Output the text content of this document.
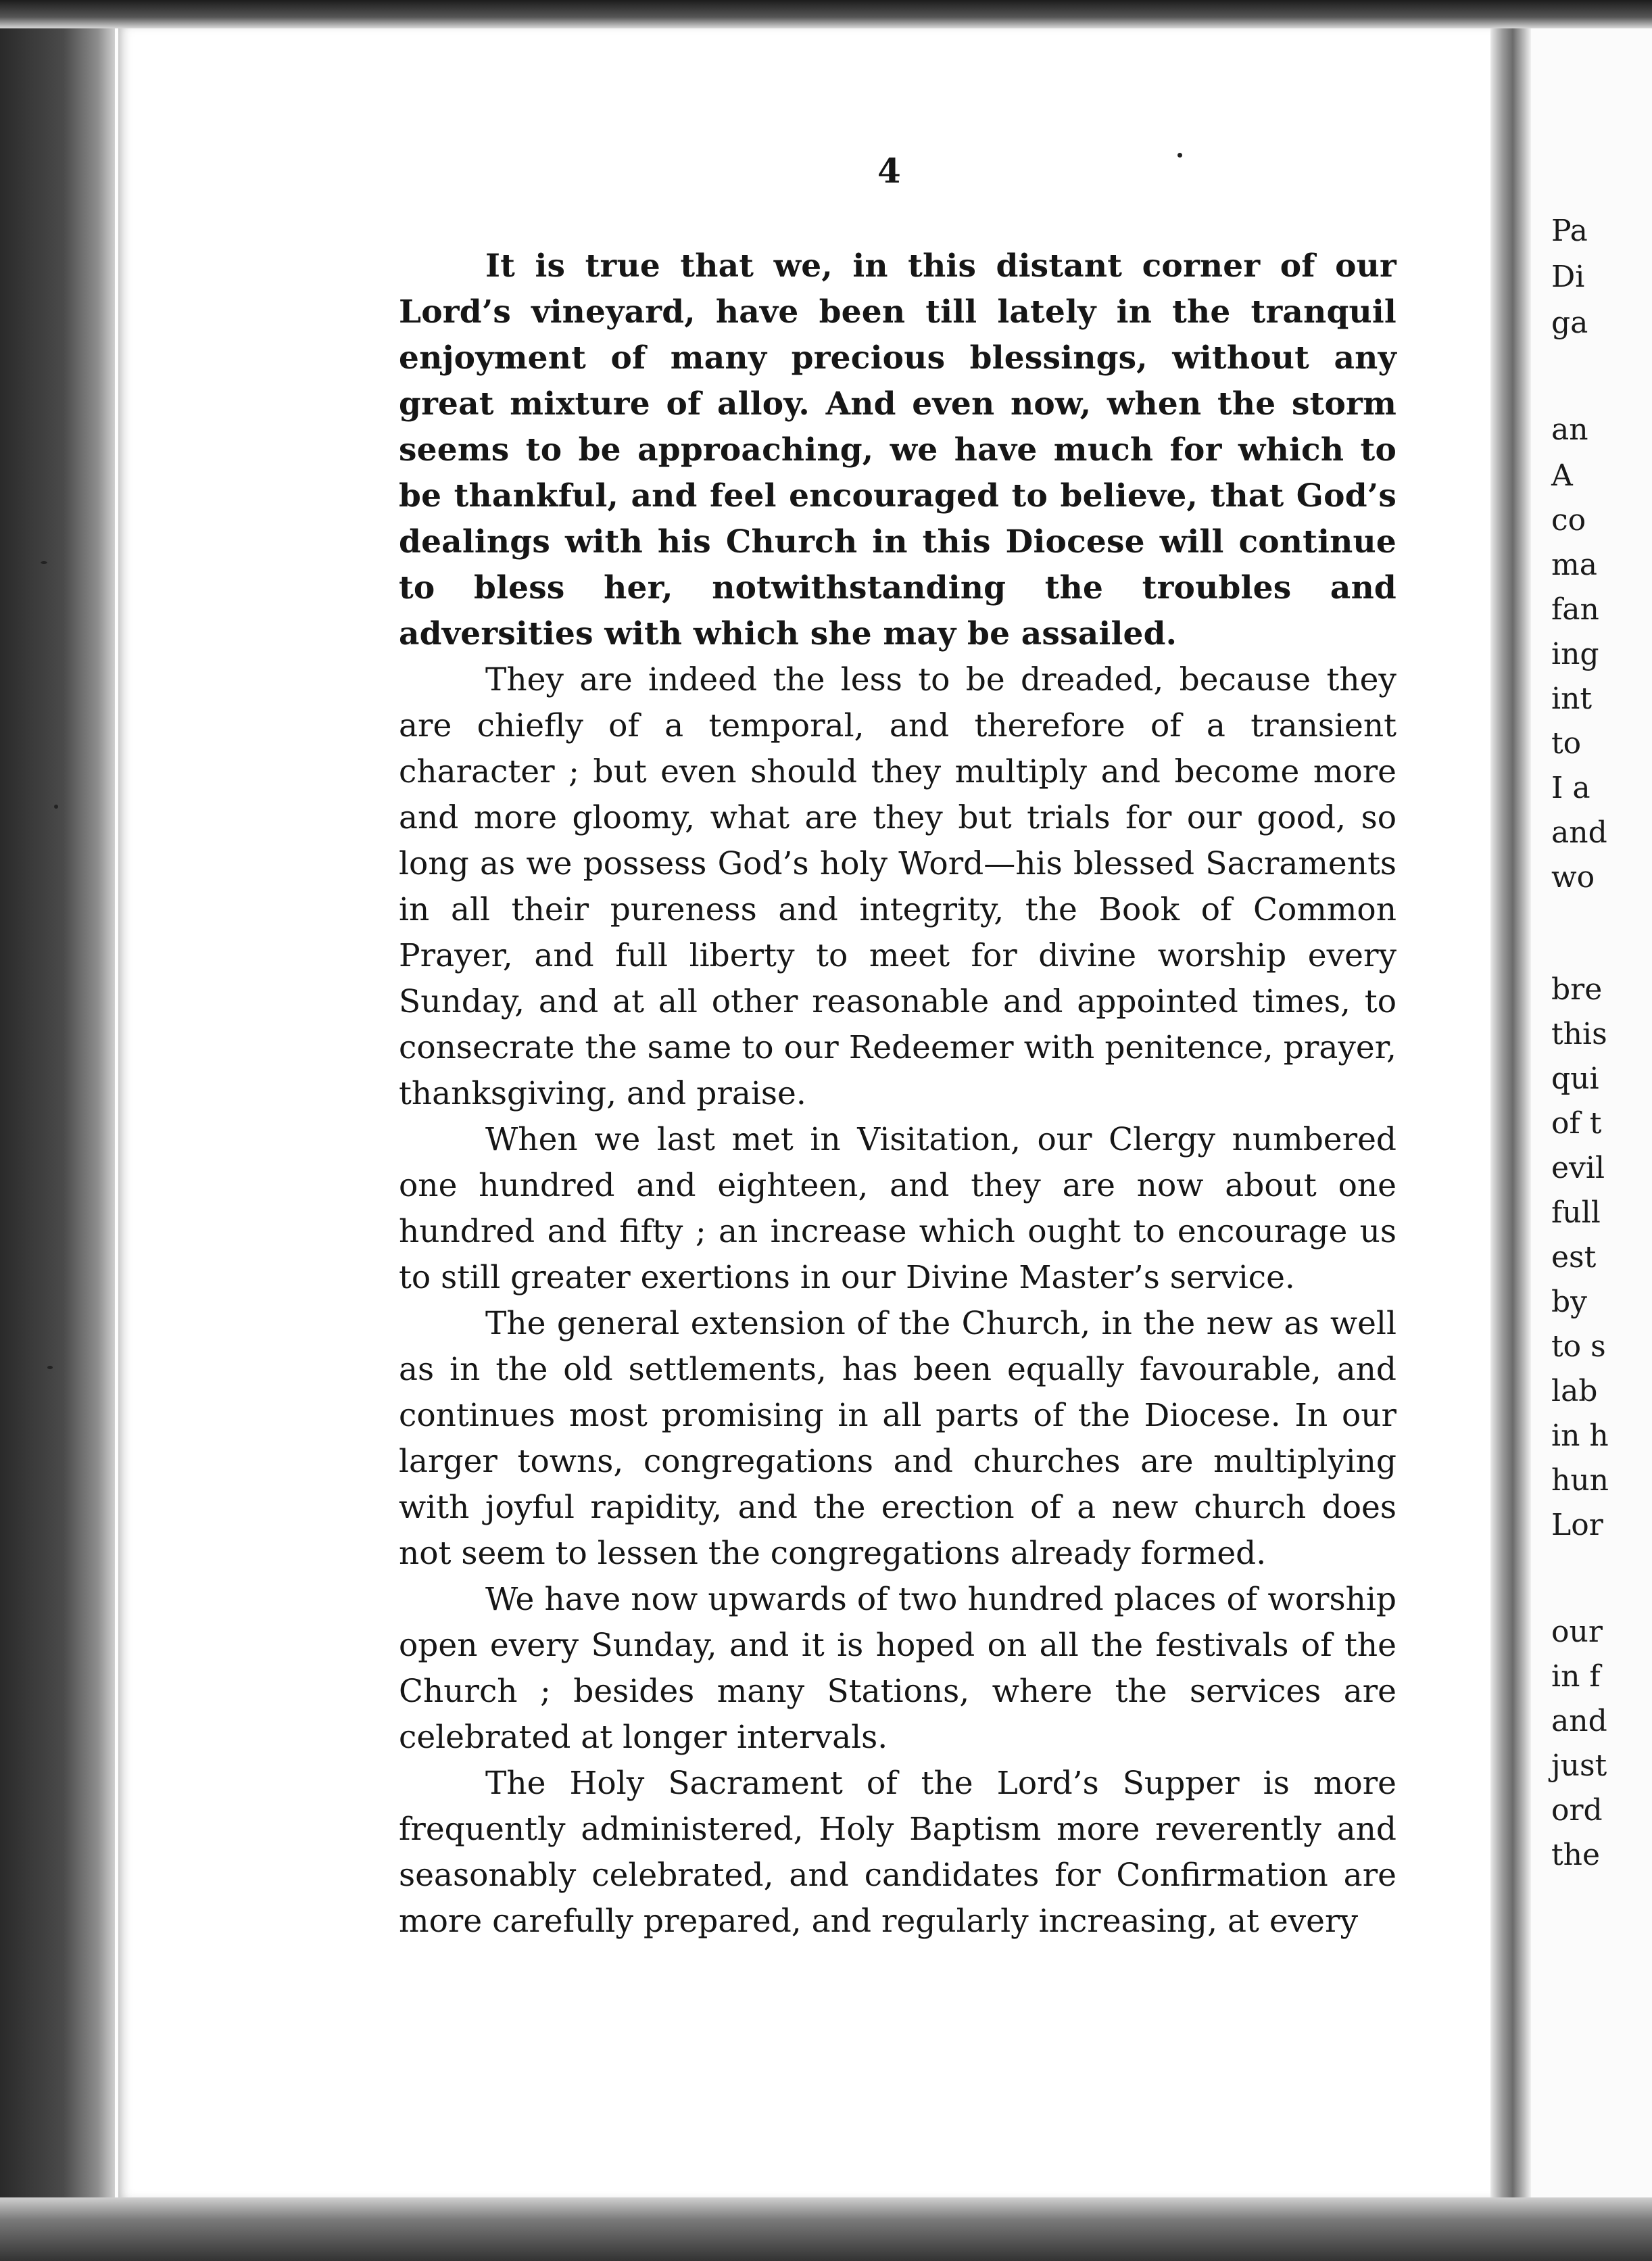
4

It is true that we, in this distant corner of our Lord’s vineyard, have been till lately in the tranquil enjoyment of many precious blessings, without any great mixture of alloy. And even now, when the storm seems to be approaching, we have much for which to be thankful, and feel encouraged to believe, that God’s dealings with his Church in this Diocese will continue to bless her, notwithstanding the troubles and adversities with which she may be assailed.

They are indeed the less to be dreaded, because they are chiefly of a temporal, and therefore of a transient character ; but even should they multiply and become more and more gloomy, what are they but trials for our good, so long as we possess God’s holy Word—his blessed Sacraments in all their pureness and integrity, the Book of Common Prayer, and full liberty to meet for divine worship every Sunday, and at all other reasonable and appointed times, to consecrate the same to our Redeemer with penitence, prayer, thanksgiving, and praise.

When we last met in Visitation, our Clergy numbered one hundred and eighteen, and they are now about one hundred and fifty ; an increase which ought to encourage us to still greater exertions in our Divine Master’s service.

The general extension of the Church, in the new as well as in the old settlements, has been equally favourable, and continues most promising in all parts of the Diocese. In our larger towns, congregations and churches are multiplying with joyful rapidity, and the erection of a new church does not seem to lessen the congregations already formed.

We have now upwards of two hundred places of worship open every Sunday, and it is hoped on all the festivals of the Church ; besides many Stations, where the services are celebrated at longer intervals.

The Holy Sacrament of the Lord’s Supper is more frequently administered, Holy Baptism more reverently and seasonably celebrated, and candidates for Confirmation are more carefully prepared, and regularly increasing, at every

Pa
Di
ga
an
A
co
ma
fan
ing
int
to
I a
and
wo
bre
this
qui
of t
evil
full
est
by
to s
lab
in h
hun
Lor
our
in f
and
just
ord
the
